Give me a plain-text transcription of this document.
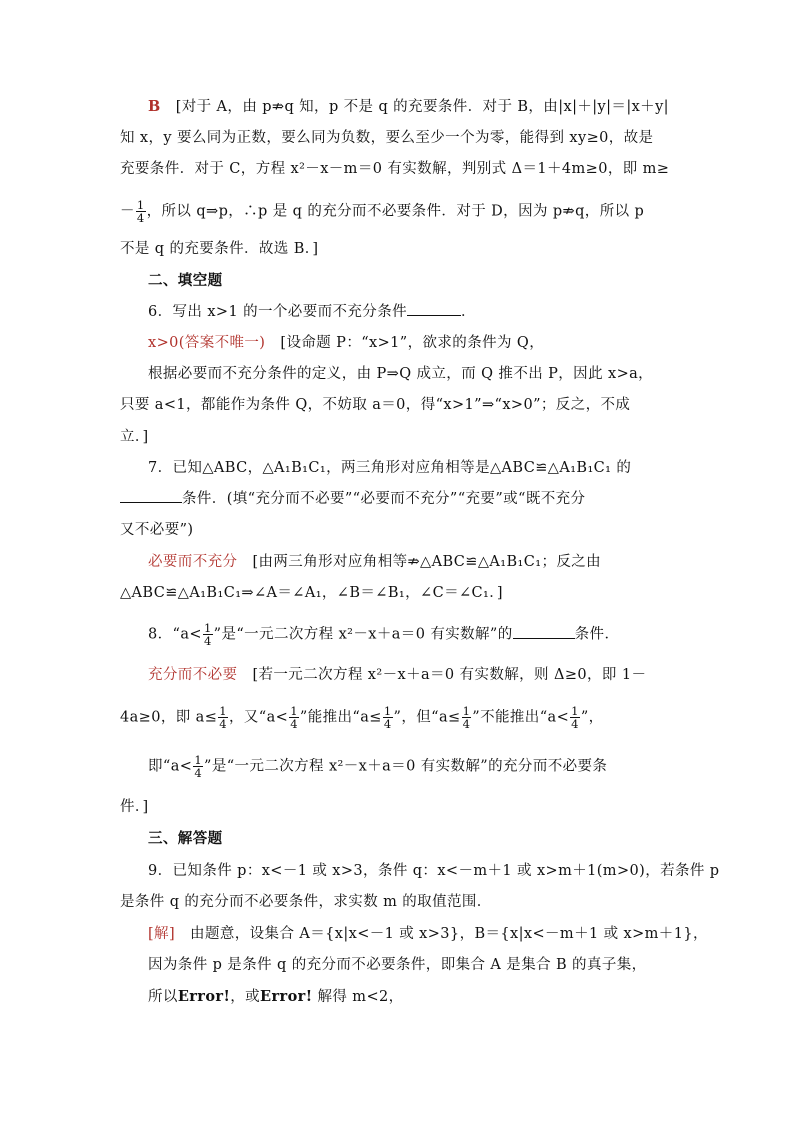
B [对于 A，由 p⇏q 知，p 不是 q 的充要条件．对于 B，由|x|＋|y|＝|x＋y|
知 x，y 要么同为正数，要么同为负数，要么至少一个为零，能得到 xy≥0，故是
充要条件．对于 C，方程 x²－x－m＝0 有实数解，判别式 Δ＝1＋4m≥0，即 m≥
－ $\frac{1}{4}$ ，所以 q⇒p，∴p 是 q 的充分而不必要条件．对于 D，因为 p⇏q，所以 p
不是 q 的充要条件．故选 B．]
二、填空题
6．写出 x>1 的一个必要而不充分条件	．
x>0(答案不唯一) [设命题 P：“x>1”，欲求的条件为 Q，
根据必要而不充分条件的定义，由 P⇒Q 成立，而 Q 推不出 P，因此 x>a，
只要 a<1，都能作为条件 Q，不妨取 a＝0，得“x>1”⇒“x>0”；反之，不成
立．]
7．已知△ABC，△A₁B₁C₁，两三角形对应角相等是△ABC≌△A₁B₁C₁ 的
条件．(填“充分而不必要”“必要而不充分”“充要”或“既不充分
又不必要”)
必要而不充分 [由两三角形对应角相等⇏△ABC≌△A₁B₁C₁；反之由
△ABC≌△A₁B₁C₁⇒∠A＝∠A₁，∠B＝∠B₁，∠C＝∠C₁．]
8．“$a< \frac{1}{4}$ ”是“一元二次方程 x²－x＋a＝0 有实数解”的	条件．
充分而不必要 [若一元二次方程 x²－x＋a＝0 有实数解，则 Δ≥0，即 1－
4a≥0，即 $a\le \frac{1}{4}$ ，又“$a< \frac{1}{4}$ ”能推出“$a\le \frac{1}{4}$ ”，但“$a\le \frac{1}{4}$ ”不能推出“$a< \frac{1}{4}$ ”，
即“$a< \frac{1}{4}$ ”是“一元二次方程 x²－x＋a＝0 有实数解”的充分而不必要条
件．]
三、解答题
9．已知条件 p：x<－1 或 x>3，条件 q：x<－m＋1 或 x>m＋1(m>0)，若条件 p
是条件 q 的充分而不必要条件，求实数 m 的取值范围．
[解] 由题意，设集合 A＝{x|x<－1 或 x>3}，B＝{x|x<－m＋1 或 x>m＋1}，
因为条件 p 是条件 q 的充分而不必要条件，即集合 A 是集合 B 的真子集，
所以Error!，或Error! 解得 m<2，
